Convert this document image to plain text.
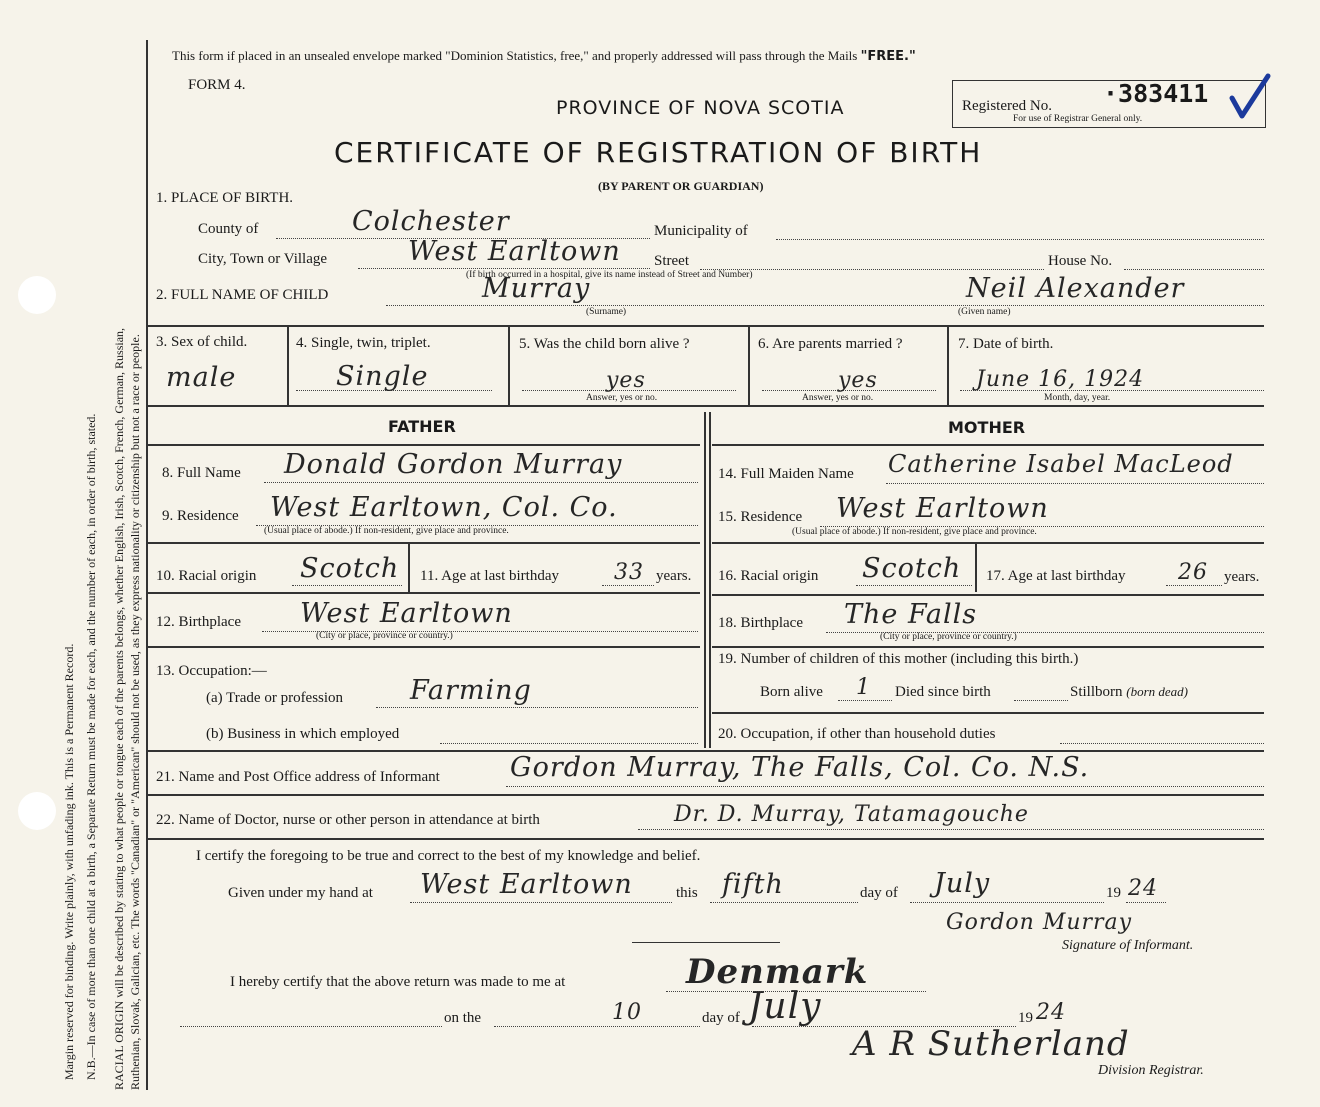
Margin reserved for binding. Write plainly, with unfading ink. This is a Permanent Record. N.B.—In case of more than one child at a birth, a Separate Return must be made for each, and the number of each, in order of birth, stated. RACIAL ORIGIN will be described by stating to what people or tongue each of the parents belongs, whether English, Irish, Scotch, French, German, Russian, Ruthenian, Slovak, Galician, etc. The words "Canadian" or "American" should not be used, as they express nationality or citizenship but not a race or people.
This form if placed in an unsealed envelope marked "Dominion Statistics, free," and properly addressed will pass through the Mails "FREE."
FORM 4.
PROVINCE OF NOVA SCOTIA	Registered No. ·383411
For use of Registrar General only.
CERTIFICATE OF REGISTRATION OF BIRTH
(BY PARENT OR GUARDIAN)
1. PLACE OF BIRTH.
County of	Colchester	Municipality of
City, Town or Village	West Earltown Street	House No.
(If birth occurred in a hospital, give its name instead of Street and Number)
2. FULL NAME OF CHILD	Murray
(Surname)
Neil Alexander
(Given name)
3. Sex of child.
male
4. Single, twin, triplet.
Single
5. Was the child born alive ?
yes
Answer, yes or no.
6. Are parents married ?
yes
Answer, yes or no.
7. Date of birth.
June 16, 1924
Month, day, year.
FATHER	MOTHER
8. Full Name Donald Gordon Murray	14. Full Maiden Name Catherine Isabel MacLeod
9. Residence West Earltown, Col. Co.
(Usual place of abode.) If non-resident, give place and province.
15. Residence West Earltown
(Usual place of abode.) If non-resident, give place and province.
10. Racial origin Scotch 11. Age at last birthday	33 years. 16. Racial origin Scotch 17. Age at last birthday 26 years.
12. Birthplace West Earltown
(City or place, province or country.)
18. Birthplace The Falls
(City or place, province or country.)
13. Occupation:—
(a) Trade or profession Farming
(b) Business in which employed
19. Number of children of this mother (including this birth.)
Born alive 1 Died since birth	Stillborn (born dead)
20. Occupation, if other than household duties
21. Name and Post Office address of Informant	Gordon Murray, The Falls, Col. Co. N.S.
22. Name of Doctor, nurse or other person in attendance at birth	Dr. D. Murray, Tatamagouche
I certify the foregoing to be true and correct to the best of my knowledge and belief.
Given under my hand at West Earltown	this fifth	day of July	19 24
Gordon Murray
Signature of Informant.
I hereby certify that the above return was made to me at	Denmark
on the	10	day of July	19 24
A R Sutherland
Division Registrar.
